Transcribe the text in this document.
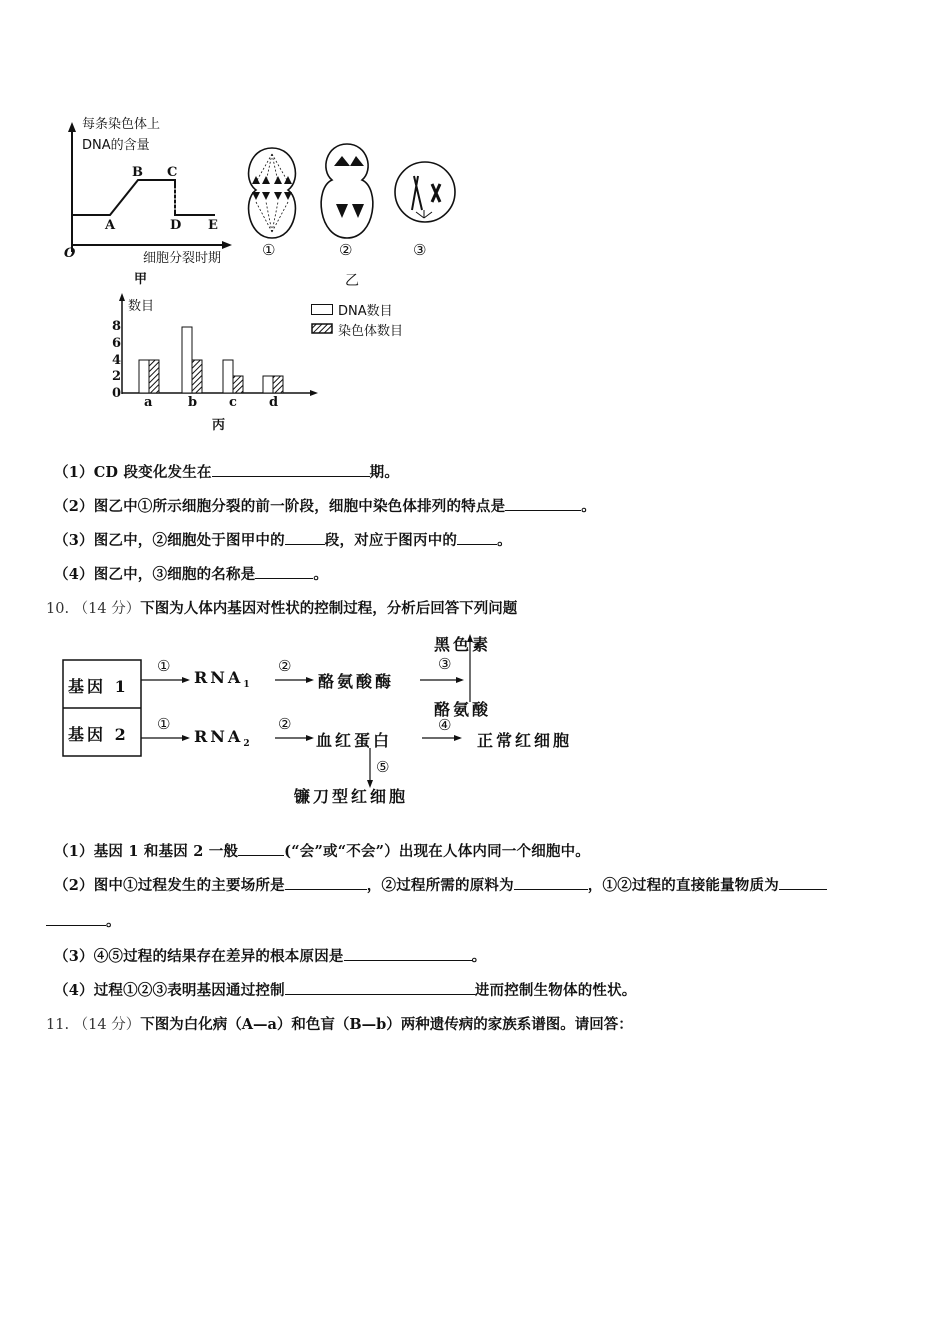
每条染色体上
DNA的含量
A
B C
D E
O	细胞分裂时期
甲
①	②	③
乙
数目
0
2
4
6
8
a	b c d
丙
DNA数目
染色体数目
（1）CD 段变化发生在	期。
（2）图乙中①所示细胞分裂的前一阶段，细胞中染色体排列的特点是	。
（3）图乙中，②细胞处于图甲中的	段，对应于图丙中的	。
（4）图乙中，③细胞的名称是	。
10. （14 分）下图为人体内基因对性状的控制过程，分析后回答下列问题
基因 1
基因 2
①
①
$RNA_1$
$RNA_2$
②
②
酪氨酸酶
血红蛋白
③
黑色素
酪氨酸
④
正常红细胞
⑤
镰刀型红细胞
（1）基因 1 和基因 2 一般	(“会”或“不会”）出现在人体内同一个细胞中。
（2）图中①过程发生的主要场所是	，②过程所需的原料为	，①②过程的直接能量物质为
。
（3）④⑤过程的结果存在差异的根本原因是	。
（4）过程①②③表明基因通过控制	进而控制生物体的性状。
11. （14 分）下图为白化病（A—a）和色盲（B—b）两种遗传病的家族系谱图。请回答：
